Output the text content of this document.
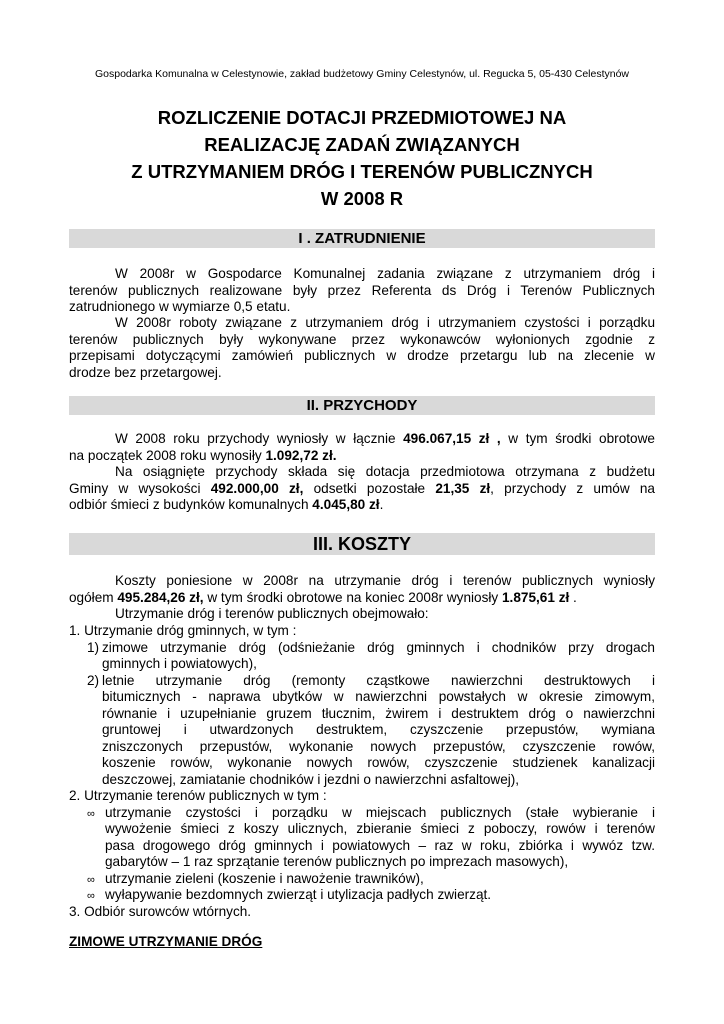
Gospodarka Komunalna w Celestynowie, zakład budżetowy Gminy Celestynów, ul. Regucka 5, 05-430 Celestynów
ROZLICZENIE DOTACJI PRZEDMIOTOWEJ NA
REALIZACJĘ ZADAŃ ZWIĄZANYCH
Z UTRZYMANIEM DRÓG I TERENÓW PUBLICZNYCH
W 2008 R
I . ZATRUDNIENIE
W 2008r w Gospodarce Komunalnej zadania związane z utrzymaniem dróg i
terenów publicznych realizowane były przez Referenta ds Dróg i Terenów Publicznych
zatrudnionego w wymiarze 0,5 etatu.
W 2008r roboty związane z utrzymaniem dróg i utrzymaniem czystości i porządku
terenów publicznych były wykonywane przez wykonawców wyłonionych zgodnie z
przepisami dotyczącymi zamówień publicznych w drodze przetargu lub na zlecenie w
drodze bez przetargowej.
II. PRZYCHODY
W 2008 roku przychody wyniosły w łącznie 496.067,15 zł , w tym środki obrotowe
na początek 2008 roku wynosiły 1.092,72 zł.
Na osiągnięte przychody składa się dotacja przedmiotowa otrzymana z budżetu
Gminy w wysokości 492.000,00 zł, odsetki pozostałe 21,35 zł, przychody z umów na
odbiór śmieci z budynków komunalnych 4.045,80 zł.
III. KOSZTY
Koszty poniesione w 2008r na utrzymanie dróg i terenów publicznych wyniosły
ogółem 495.284,26 zł, w tym środki obrotowe na koniec 2008r wyniosły 1.875,61 zł .
Utrzymanie dróg i terenów publicznych obejmowało:
1. Utrzymanie dróg gminnych, w tym :
1) zimowe utrzymanie dróg (odśnieżanie dróg gminnych i chodników przy drogach
gminnych i powiatowych),
2) letnie utrzymanie dróg (remonty cząstkowe nawierzchni destruktowych i
bitumicznych - naprawa ubytków w nawierzchni powstałych w okresie zimowym,
równanie i uzupełnianie gruzem tłucznim, żwirem i destruktem dróg o nawierzchni
gruntowej i utwardzonych destruktem, czyszczenie przepustów, wymiana
zniszczonych przepustów, wykonanie nowych przepustów, czyszczenie rowów,
koszenie rowów, wykonanie nowych rowów, czyszczenie studzienek kanalizacji
deszczowej, zamiatanie chodników i jezdni o nawierzchni asfaltowej),
2. Utrzymanie terenów publicznych w tym :
∞ utrzymanie czystości i porządku w miejscach publicznych (stałe wybieranie i
wywożenie śmieci z koszy ulicznych, zbieranie śmieci z poboczy, rowów i terenów
pasa drogowego dróg gminnych i powiatowych – raz w roku, zbiórka i wywóz tzw.
gabarytów – 1 raz sprzątanie terenów publicznych po imprezach masowych),
∞ utrzymanie zieleni (koszenie i nawożenie trawników),
∞ wyłapywanie bezdomnych zwierząt i utylizacja padłych zwierząt.
3. Odbiór surowców wtórnych.
ZIMOWE UTRZYMANIE DRÓG
